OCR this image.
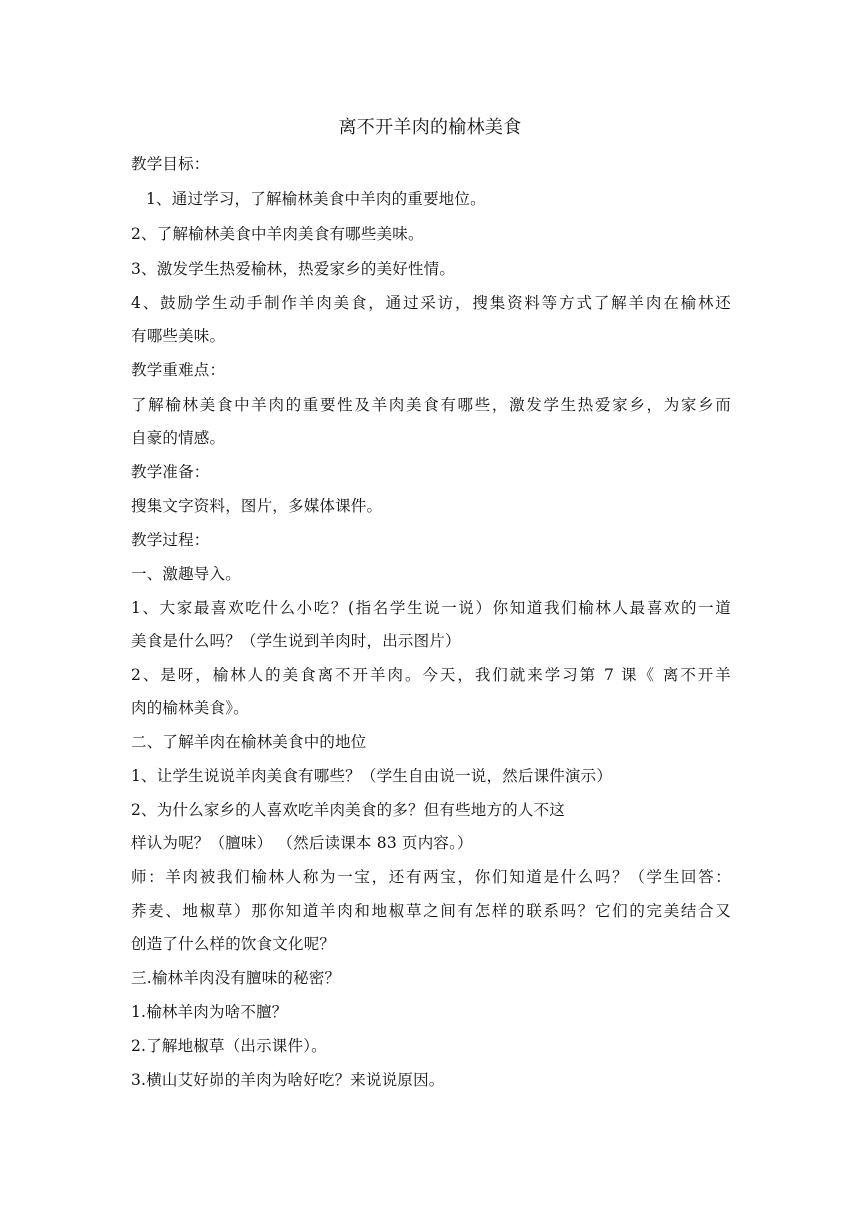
离不开羊肉的榆林美食
教学目标：
1、通过学习，了解榆林美食中羊肉的重要地位。
2、了解榆林美食中羊肉美食有哪些美味。
3、激发学生热爱榆林，热爱家乡的美好性情。
4、鼓励学生动手制作羊肉美食，通过采访，搜集资料等方式了解羊肉在榆林还
有哪些美味。
教学重难点：
了解榆林美食中羊肉的重要性及羊肉美食有哪些，激发学生热爱家乡，为家乡而
自豪的情感。
教学准备：
搜集文字资料，图片，多媒体课件。
教学过程：
一、激趣导入。
1、大家最喜欢吃什么小吃？(指名学生说一说）你知道我们榆林人最喜欢的一道
美食是什么吗？（学生说到羊肉时，出示图片）
2、是呀，榆林人的美食离不开羊肉。今天，我们就来学习第 7 课《 离不开羊
肉的榆林美食》。
二、了解羊肉在榆林美食中的地位
1、让学生说说羊肉美食有哪些？（学生自由说一说，然后课件演示）
2、为什么家乡的人喜欢吃羊肉美食的多？但有些地方的人不这
样认为呢？（膻味） （然后读课本 83 页内容。）
师：羊肉被我们榆林人称为一宝，还有两宝，你们知道是什么吗？（学生回答：
荞麦、地椒草）那你知道羊肉和地椒草之间有怎样的联系吗？它们的完美结合又
创造了什么样的饮食文化呢？
三.榆林羊肉没有膻味的秘密？
1.榆林羊肉为啥不膻？
2.了解地椒草（出示课件）。
3.横山艾好峁的羊肉为啥好吃？来说说原因。
